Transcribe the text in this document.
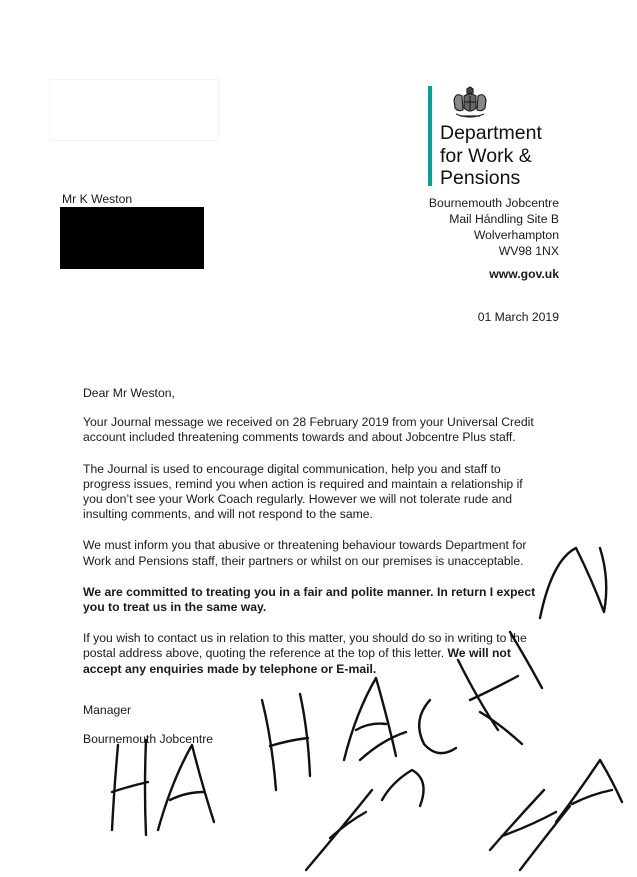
Department
for Work &
Pensions
Mr K Weston	Bournemouth Jobcentre
Mail Hándling Site B
Wolverhampton
WV98 1NX
www.gov.uk
01 March 2019

Dear Mr Weston,

Your Journal message we received on 28 February 2019 from your Universal Credit account included threatening comments towards and about Jobcentre Plus staff.

The Journal is used to encourage digital communication, help you and staff to progress issues, remind you when action is required and maintain a relationship if you don’t see your Work Coach regularly. However we will not tolerate rude and insulting comments, and will not respond to the same.

We must inform you that abusive or threatening behaviour towards Department for Work and Pensions staff, their partners or whilst on our premises is unacceptable.

We are committed to treating you in a fair and polite manner. In return I expect you to treat us in the same way.

If you wish to contact us in relation to this matter, you should do so in writing to the postal address above, quoting the reference at the top of this letter. We will not accept any enquiries made by telephone or E-mail.

Manager
Bournemouth Jobcentre
